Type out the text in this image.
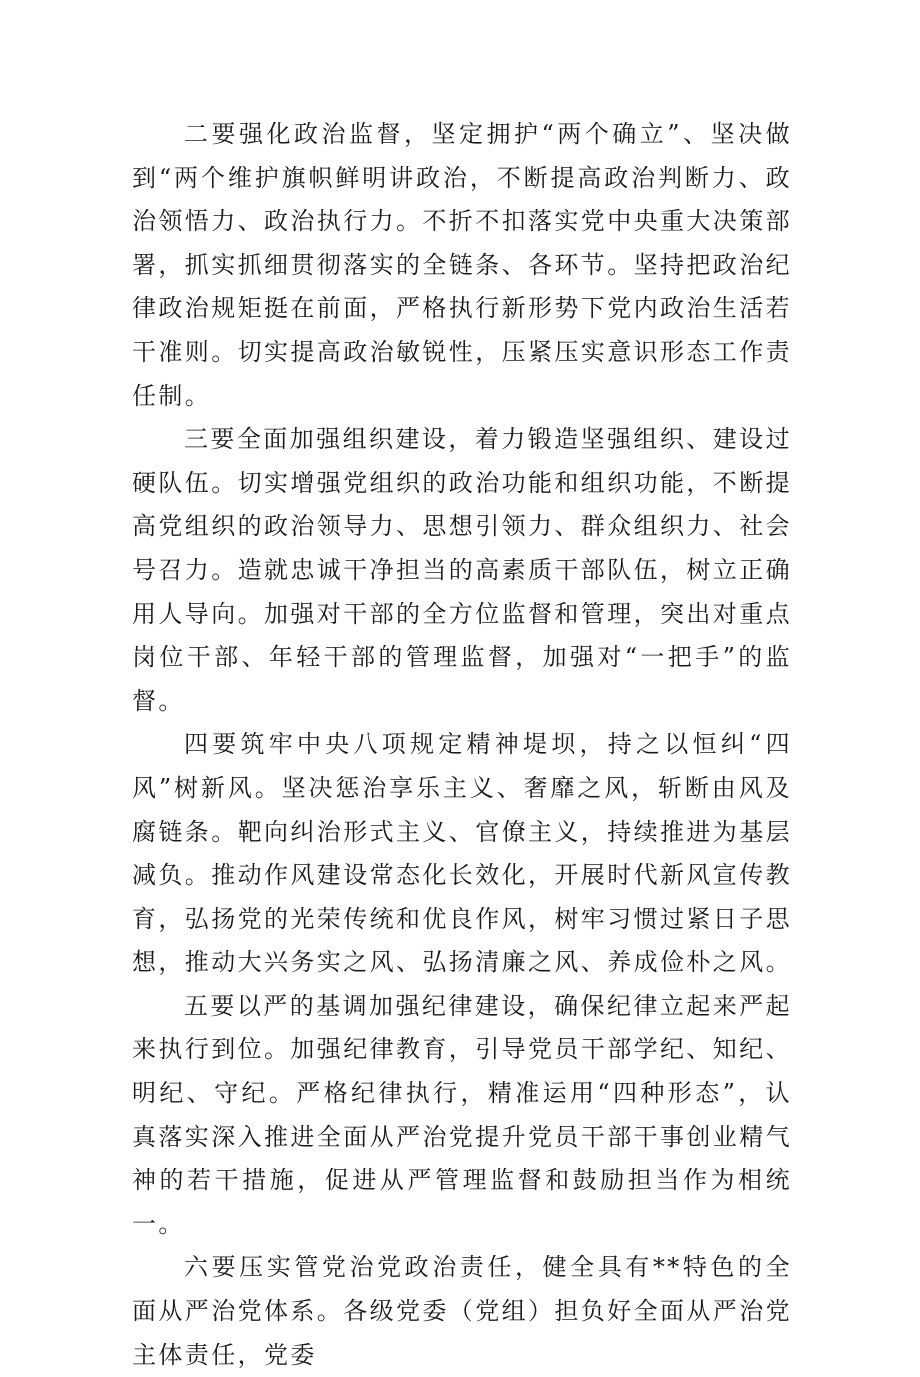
二要强化政治监督，坚定拥护“两个确立”、坚决做到“两个维护旗帜鲜明讲政治，不断提高政治判断力、政治领悟力、政治执行力。不折不扣落实党中央重大决策部署，抓实抓细贯彻落实的全链条、各环节。坚持把政治纪律政治规矩挺在前面，严格执行新形势下党内政治生活若干准则。切实提高政治敏锐性，压紧压实意识形态工作责任制。

三要全面加强组织建设，着力锻造坚强组织、建设过硬队伍。切实增强党组织的政治功能和组织功能，不断提高党组织的政治领导力、思想引领力、群众组织力、社会号召力。造就忠诚干净担当的高素质干部队伍，树立正确用人导向。加强对干部的全方位监督和管理，突出对重点岗位干部、年轻干部的管理监督，加强对“一把手”的监督。

四要筑牢中央八项规定精神堤坝，持之以恒纠“四风”树新风。坚决惩治享乐主义、奢靡之风，斩断由风及腐链条。靶向纠治形式主义、官僚主义，持续推进为基层减负。推动作风建设常态化长效化，开展时代新风宣传教育，弘扬党的光荣传统和优良作风，树牢习惯过紧日子思想，推动大兴务实之风、弘扬清廉之风、养成俭朴之风。

五要以严的基调加强纪律建设，确保纪律立起来严起来执行到位。加强纪律教育，引导党员干部学纪、知纪、明纪、守纪。严格纪律执行，精准运用“四种形态”，认真落实深入推进全面从严治党提升党员干部干事创业精气神的若干措施，促进从严管理监督和鼓励担当作为相统一。

六要压实管党治党政治责任，健全具有**特色的全面从严治党体系。各级党委（党组）担负好全面从严治党主体责任，党委
